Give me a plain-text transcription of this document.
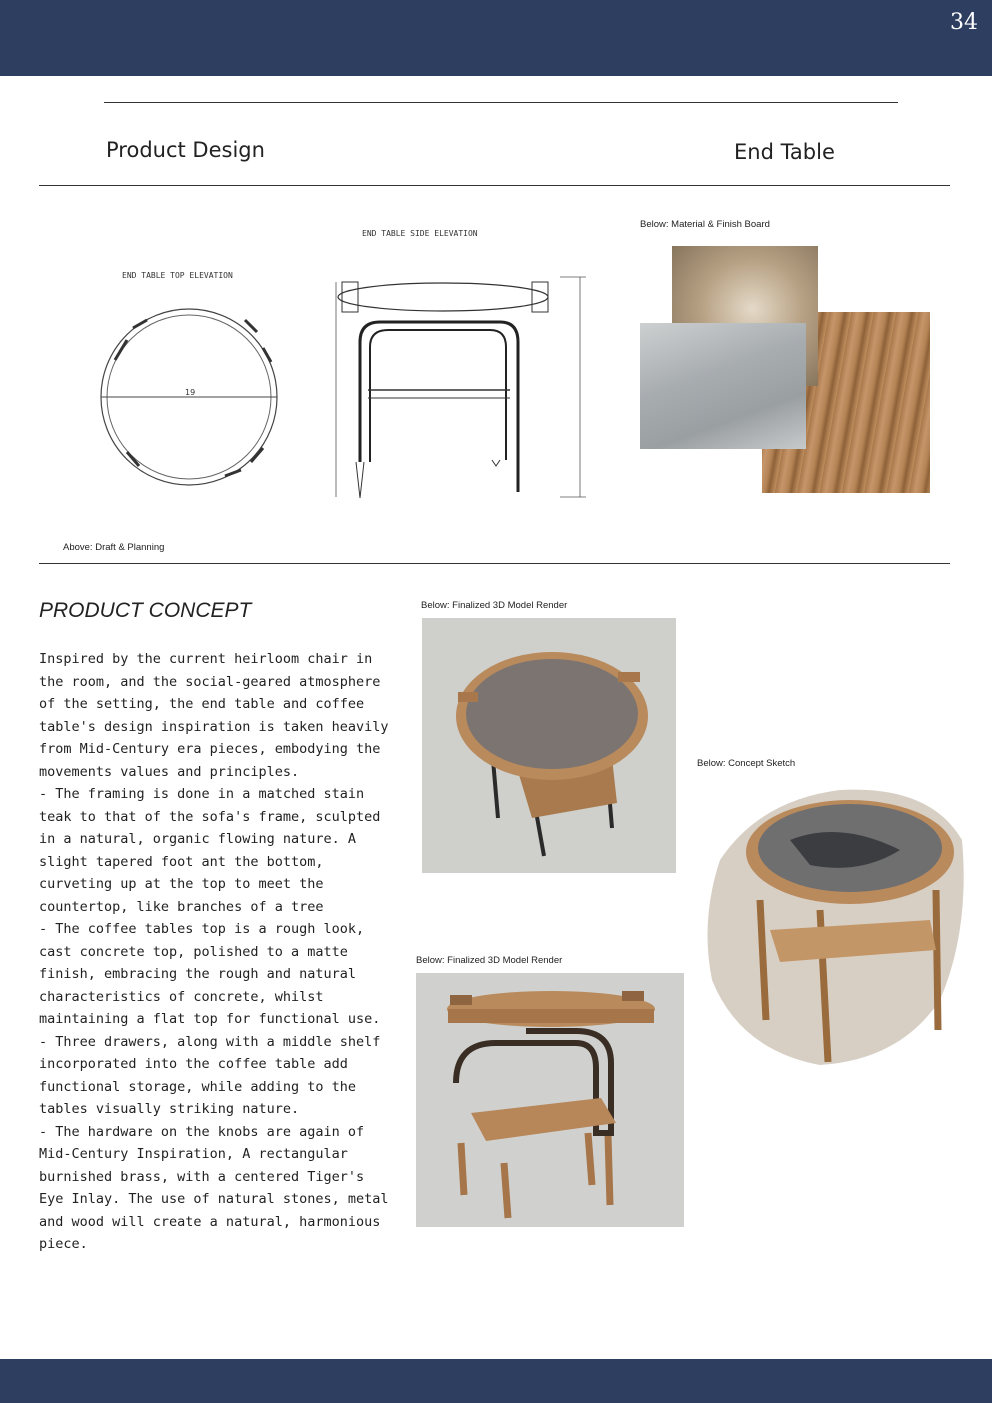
34
Product Design	End Table
END TABLE TOP ELEVATION
19
END TABLE SIDE ELEVATION
Below: Material & Finish Board
Above: Draft & Planning
PRODUCT CONCEPT

Inspired by the current heirloom chair in the room, and the social-geared atmosphere of the setting, the end table and coffee table's design inspiration is taken heavily from Mid-Century era pieces, embodying the movements values and principles.

- The framing is done in a matched stain teak to that of the sofa's frame, sculpted in a natural, organic flowing nature. A slight tapered foot ant the bottom, curveting up at the top to meet the countertop, like branches of a tree

- The coffee tables top is a rough look, cast concrete top, polished to a matte finish, embracing the rough and natural characteristics of concrete, whilst maintaining a flat top for functional use.

- Three drawers, along with a middle shelf incorporated into the coffee table add functional storage, while adding to the tables visually striking nature.

- The hardware on the knobs are again of Mid-Century Inspiration, A rectangular burnished brass, with a centered Tiger's Eye Inlay. The use of natural stones, metal and wood will create a natural, harmonious piece.

Below: Finalized 3D Model Render
Below: Concept Sketch
Below: Finalized 3D Model Render
